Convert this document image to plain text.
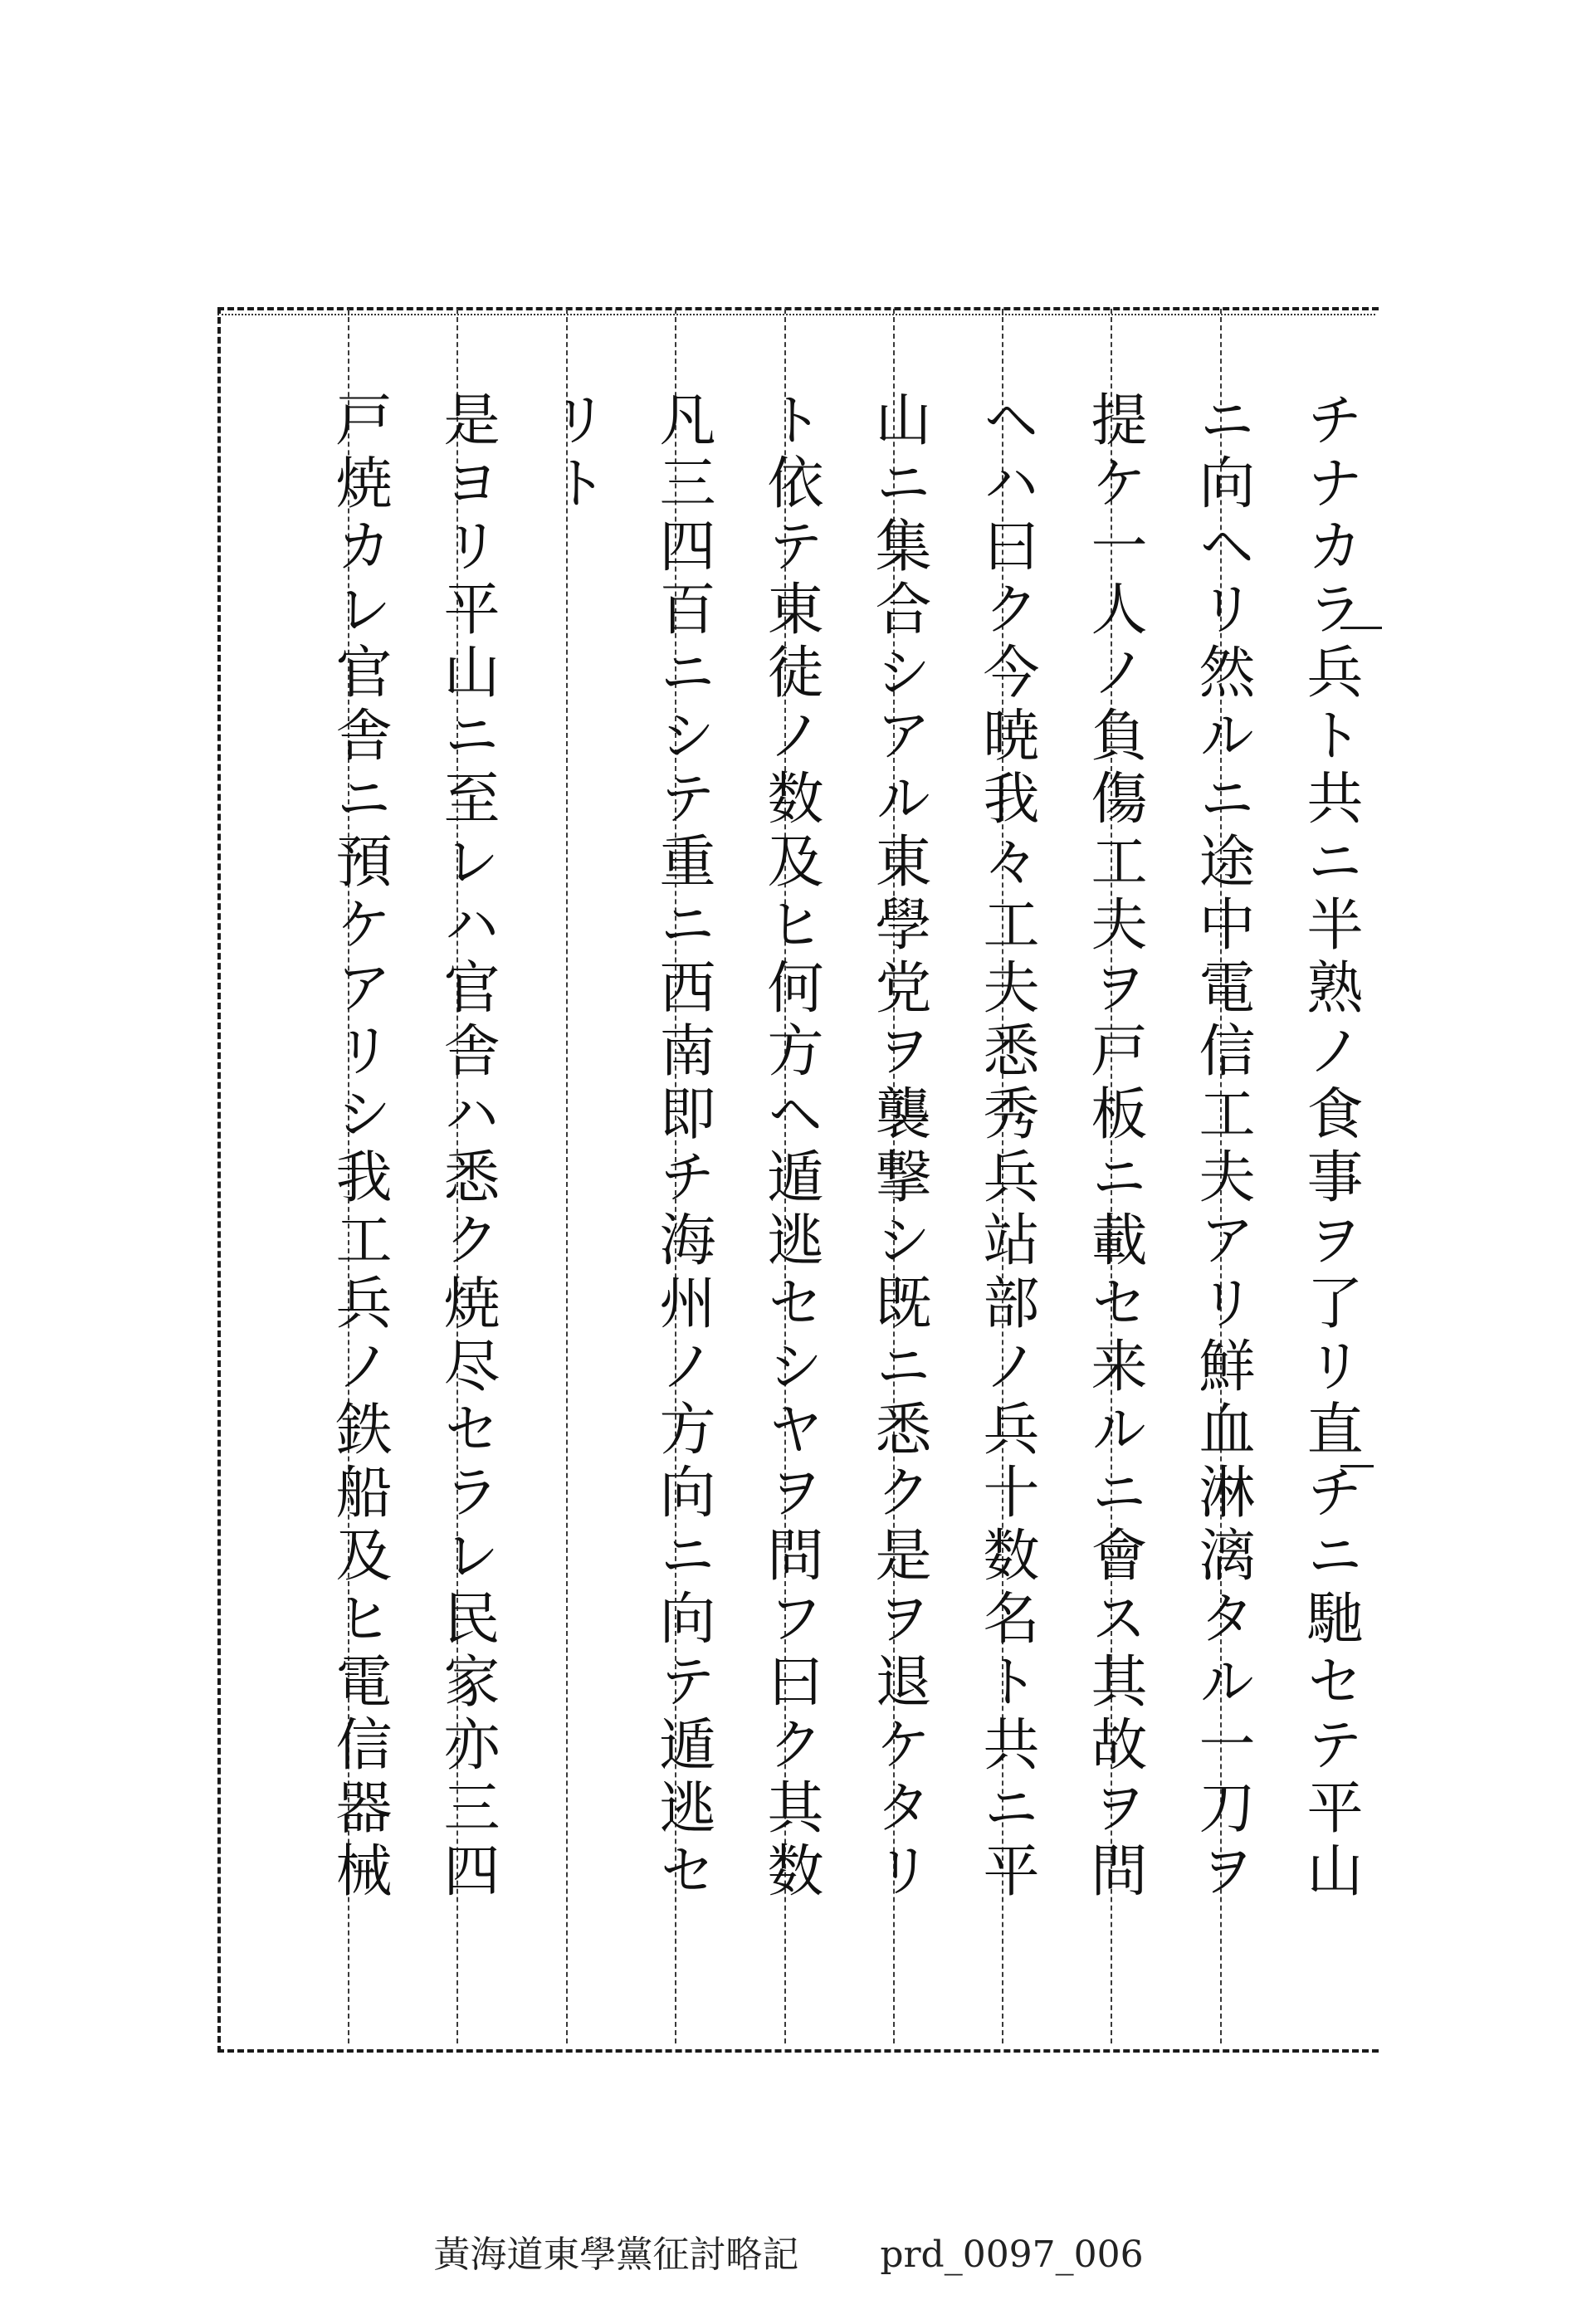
チナカラ兵ト共ニ半熟ノ食事ヲ了リ直チニ馳セテ平山
ニ向ヘリ然ルニ途中電信工夫アリ鮮血淋漓タル一刀ヲ
提ケ一人ノ負傷工夫ヲ戸板ニ載セ来ルニ會ス其故ヲ問
ヘハ曰ク今暁我々工夫悉秀兵站部ノ兵十数名ト共ニ平
山ニ集合シアル東學党ヲ襲撃シ既ニ悉ク是ヲ退ケタリ
ト依テ東徒ノ数及ヒ何方ヘ遁逃セシヤヲ問フ曰ク其数
凡三四百ニシテ重ニ西南即チ海州ノ方向ニ向テ遁逃セ
リト
是ヨリ平山ニ至レハ官舎ハ悉ク焼尽セラレ民家亦三四
戸焼カレ官舎ニ預ケアリシ我工兵ノ鉄船及ヒ電信器械
黃海道東學黨征討略記 prd_0097_006
